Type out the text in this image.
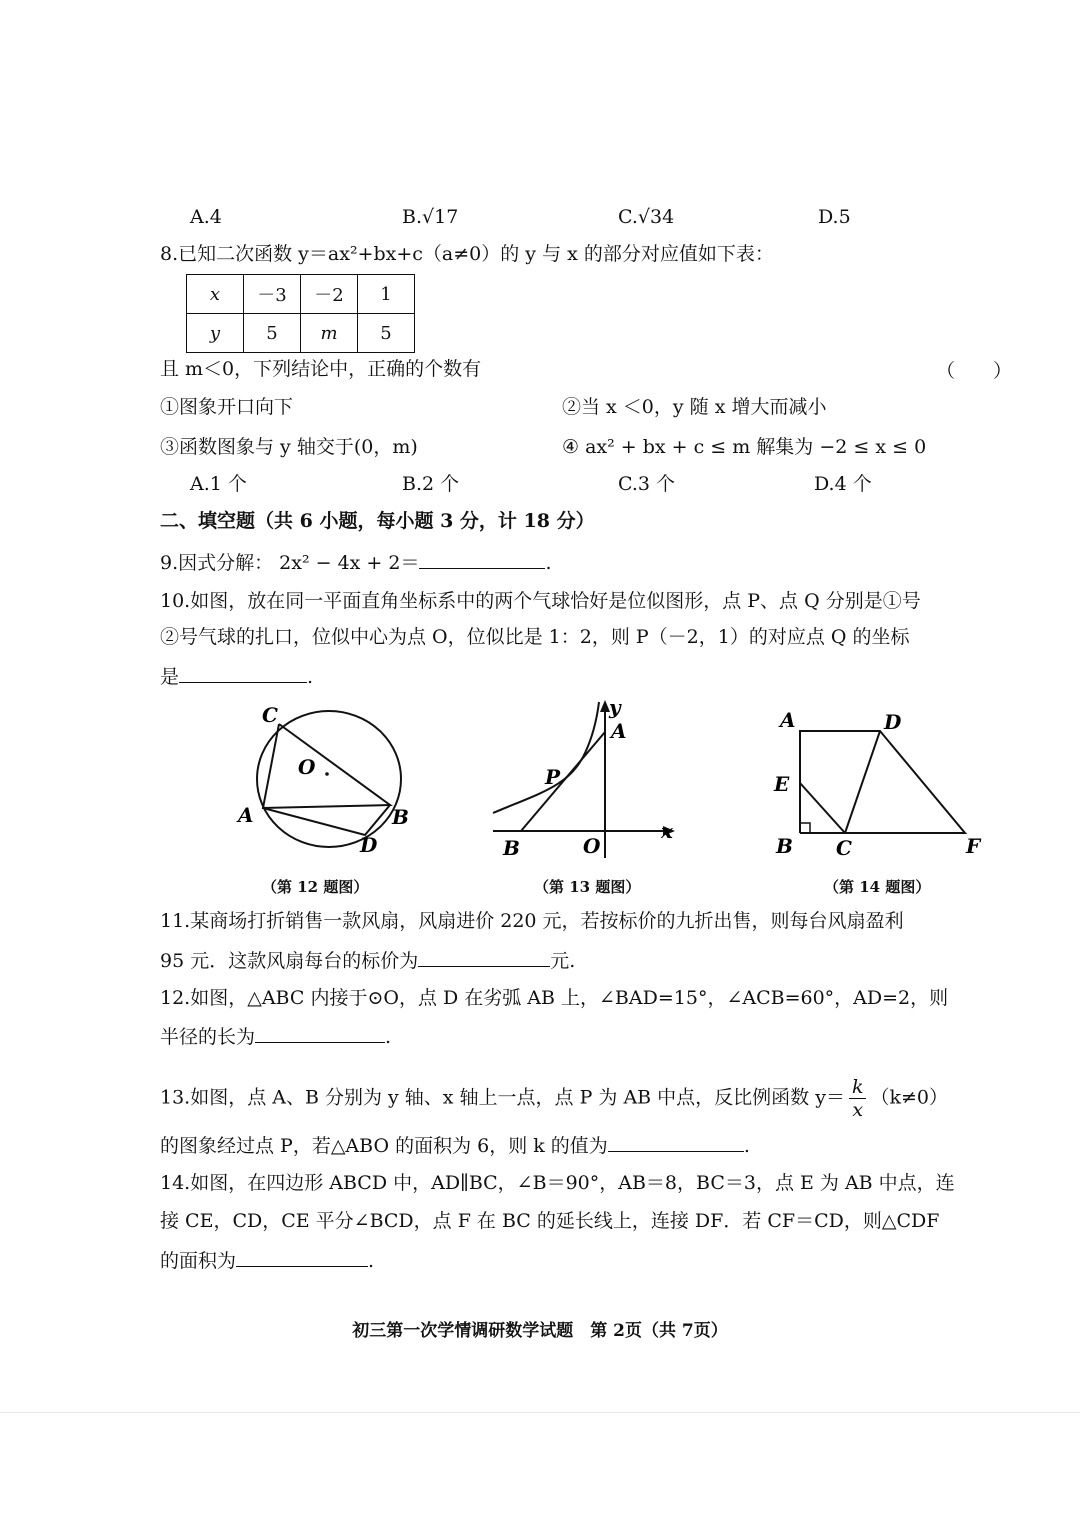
A.4	B.√17	C.√34	D.5
8.已知二次函数 y＝ax²+bx+c（a≠0）的 y 与 x 的部分对应值如下表：
x	－3	－2	1
y	5	m	5
且 m＜0，下列结论中，正确的个数有	（　　）
①图象开口向下	②当 x ＜0，y 随 x 增大而减小
③函数图象与 y 轴交于(0，m)	④ ax² + bx + c ≤ m 解集为 −2 ≤ x ≤ 0
A.1 个	B.2 个	C.3 个	D.4 个
二、填空题（共 6 小题，每小题 3 分，计 18 分）
9.因式分解： 2x² − 4x + 2＝	.
10.如图，放在同一平面直角坐标系中的两个气球恰好是位似图形，点 P、点 Q 分别是①号
②号气球的扎口，位似中心为点 O，位似比是 1：2，则 P（－2，1）的对应点 Q 的坐标
是	.
C
O
A	B
D
（第 12 题图）
y
A
P
B	O
x
（第 13 题图）
A	D
E
B C	F
（第 14 题图）
11.某商场打折销售一款风扇，风扇进价 220 元，若按标价的九折出售，则每台风扇盈利
95 元．这款风扇每台的标价为	元.
12.如图，△ABC 内接于⊙O，点 D 在劣弧 AB 上，∠BAD=15°，∠ACB=60°，AD=2，则
半径的长为	.
13.如图，点 A、B 分别为 y 轴、x 轴上一点，点 P 为 AB 中点，反比例函数 $y= \frac{k}{x} (k\ne 0)$
的图象经过点 P，若△ABO 的面积为 6，则 k 的值为	.
14.如图，在四边形 ABCD 中，AD∥BC，∠B＝90°，AB＝8，BC＝3，点 E 为 AB 中点，连
接 CE，CD，CE 平分∠BCD，点 F 在 BC 的延长线上，连接 DF．若 CF＝CD，则△CDF
的面积为	.
初三第一次学情调研数学试题　第 2页（共 7页）
